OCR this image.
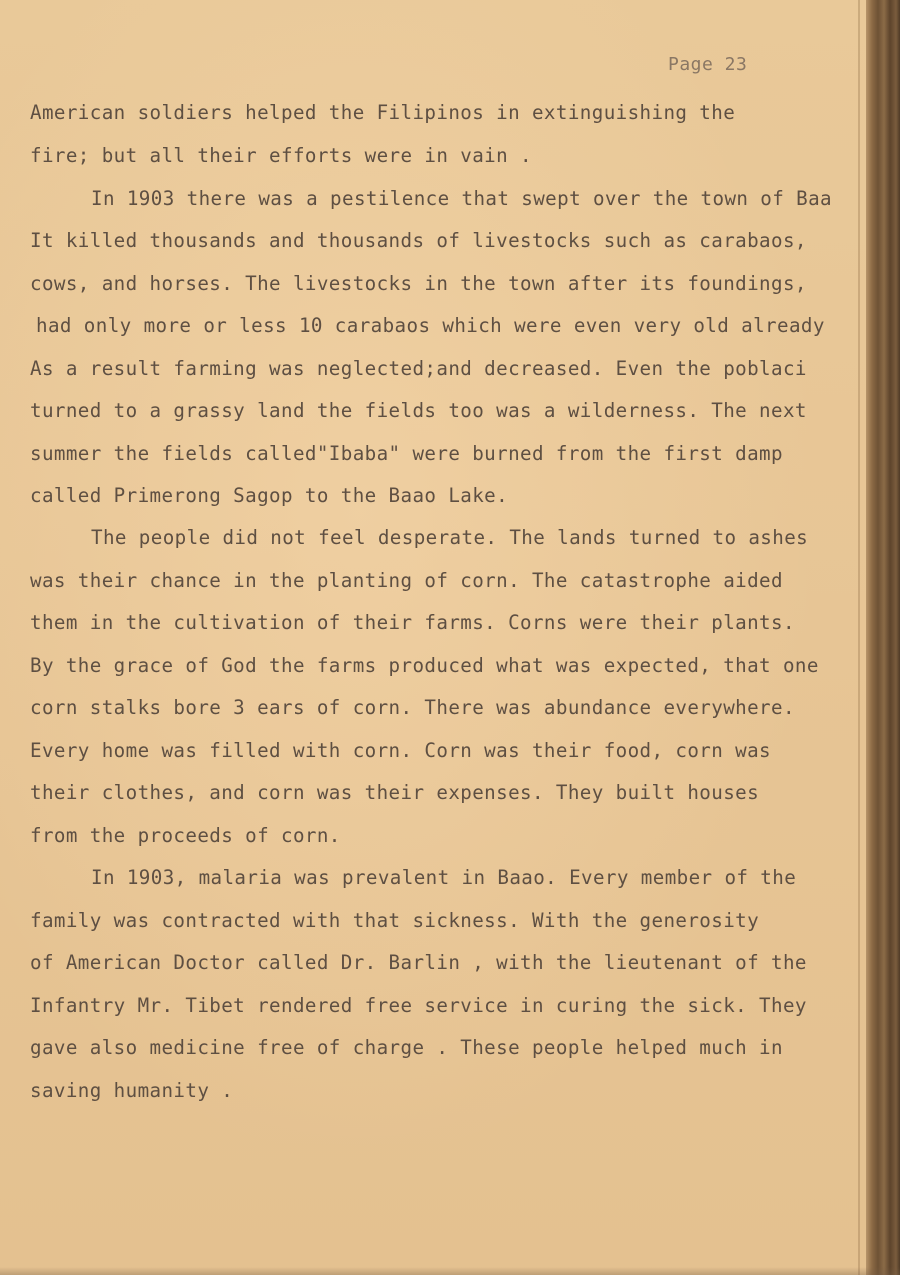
Page 23
American soldiers helped the Filipinos in extinguishing the
fire; but all their efforts were in vain .
In 1903 there was a pestilence that swept over the town of Baa
It killed thousands and thousands of livestocks such as carabaos,
cows, and horses. The livestocks in the town after its foundings,
had only more or less 10 carabaos which were even very old already
As a result farming was neglected;and decreased. Even the poblaci
turned to a grassy land the fields too was a wilderness. The next
summer the fields called"Ibaba" were burned from the first damp
called Primerong Sagop to the Baao Lake.
The people did not feel desperate. The lands turned to ashes
was their chance in the planting of corn. The catastrophe aided
them in the cultivation of their farms. Corns were their plants.
By the grace of God the farms produced what was expected, that one
corn stalks bore 3 ears of corn. There was abundance everywhere.
Every home was filled with corn. Corn was their food, corn was
their clothes, and corn was their expenses. They built houses
from the proceeds of corn.
In 1903, malaria was prevalent in Baao. Every member of the
family was contracted with that sickness. With the generosity
of American Doctor called Dr. Barlin , with the lieutenant of the
Infantry Mr. Tibet rendered free service in curing the sick. They
gave also medicine free of charge . These people helped much in
saving humanity .
